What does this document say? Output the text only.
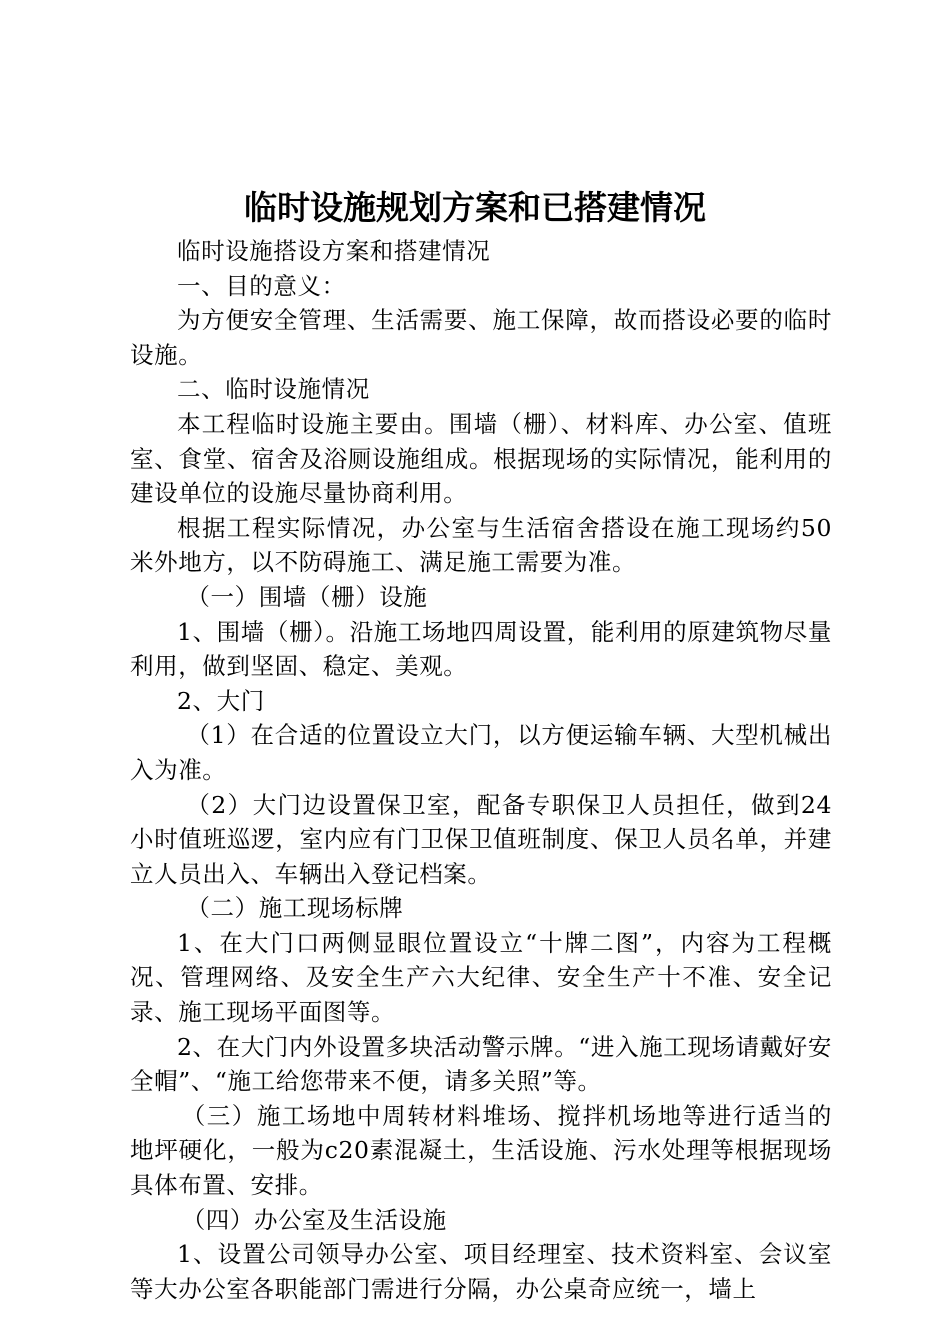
临时设施规划方案和已搭建情况

临时设施搭设方案和搭建情况

一、目的意义：

为方便安全管理、生活需要、施工保障，故而搭设必要的临时设施。

二、临时设施情况

本工程临时设施主要由。围墙（栅）、材料库、办公室、值班室、食堂、宿舍及浴厕设施组成。根据现场的实际情况，能利用的建设单位的设施尽量协商利用。

根据工程实际情况，办公室与生活宿舍搭设在施工现场约50米外地方，以不防碍施工、满足施工需要为准。

（一）围墙（栅）设施

1、围墙（栅）。沿施工场地四周设置，能利用的原建筑物尽量利用，做到坚固、稳定、美观。

2、大门

（1）在合适的位置设立大门，以方便运输车辆、大型机械出入为准。

（2）大门边设置保卫室，配备专职保卫人员担任，做到24小时值班巡逻，室内应有门卫保卫值班制度、保卫人员名单，并建立人员出入、车辆出入登记档案。

（二）施工现场标牌

1、在大门口两侧显眼位置设立“十牌二图”，内容为工程概况、管理网络、及安全生产六大纪律、安全生产十不准、安全记录、施工现场平面图等。

2、在大门内外设置多块活动警示牌。“进入施工现场请戴好安全帽”、“施工给您带来不便，请多关照”等。

（三）施工场地中周转材料堆场、搅拌机场地等进行适当的地坪硬化，一般为c20素混凝土，生活设施、污水处理等根据现场具体布置、安排。

（四）办公室及生活设施

1、设置公司领导办公室、项目经理室、技术资料室、会议室等大办公室各职能部门需进行分隔，办公桌奇应统一，墙上
